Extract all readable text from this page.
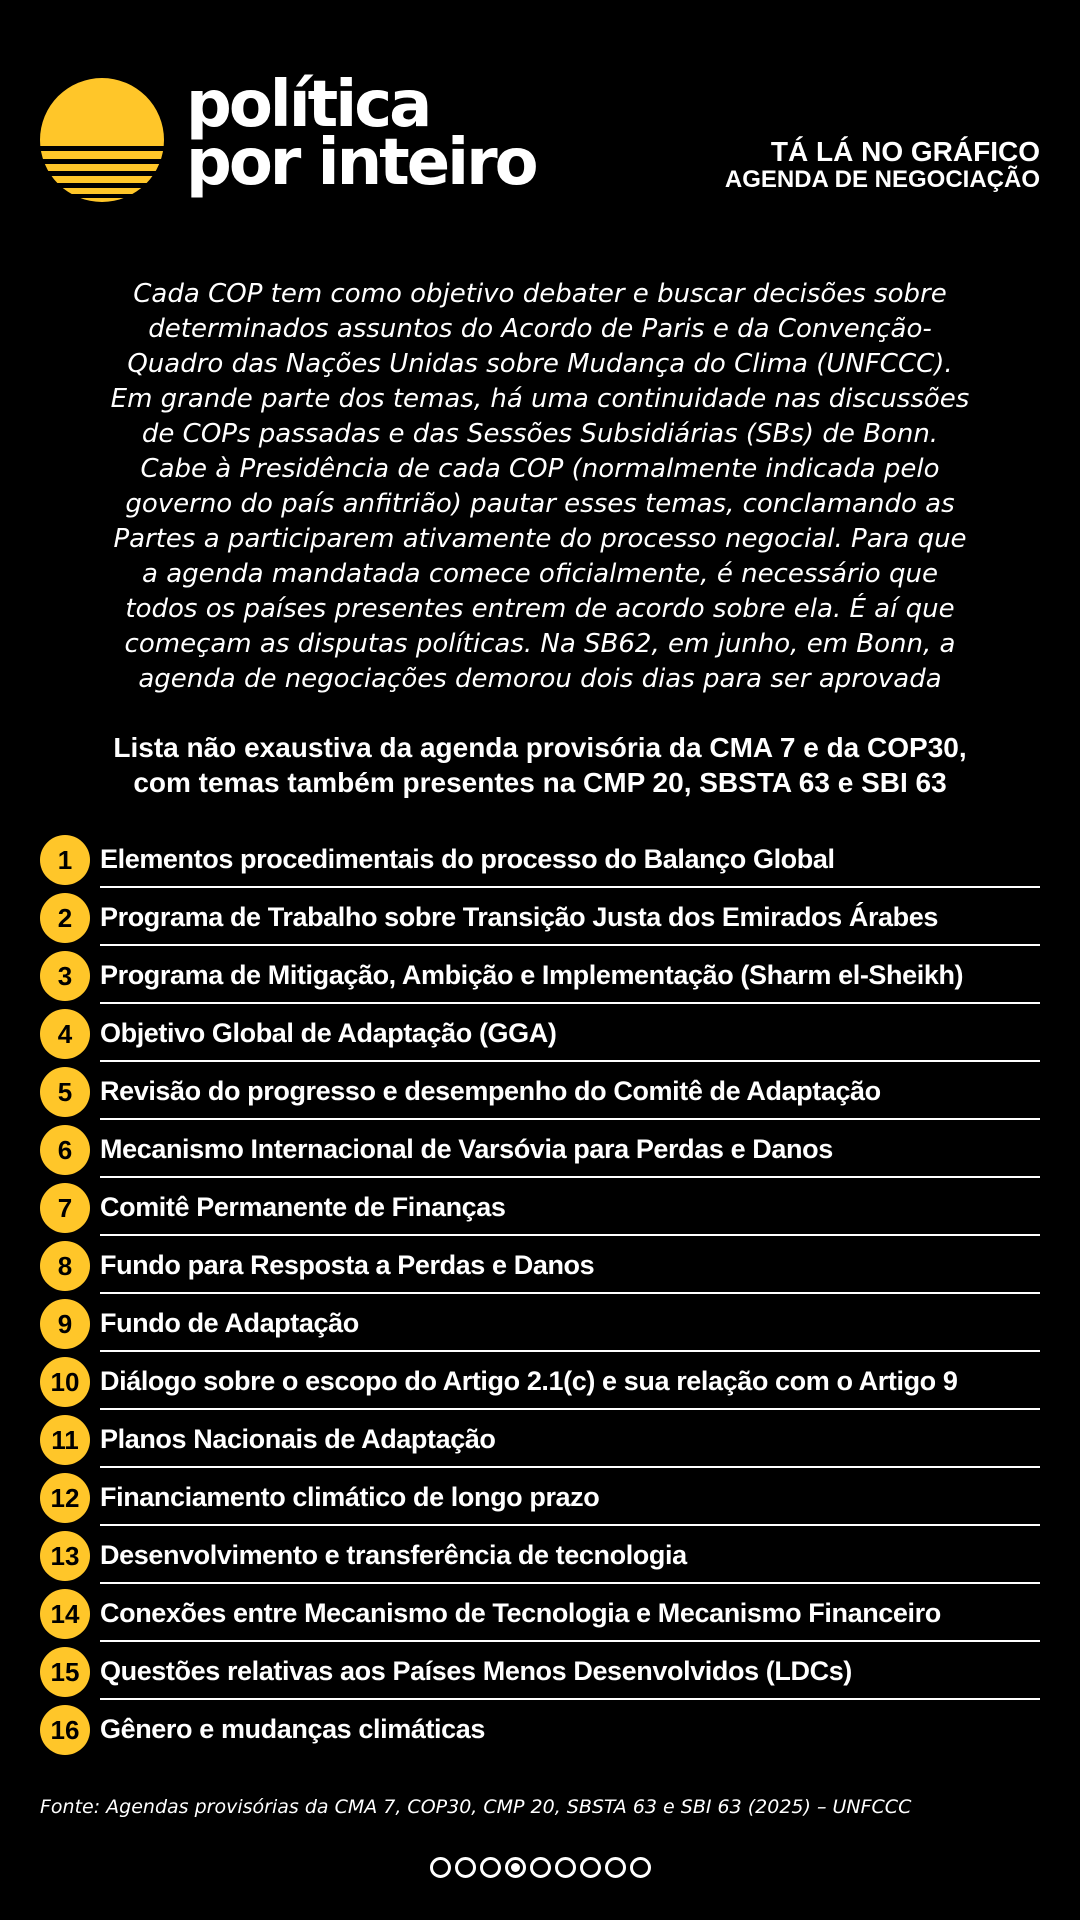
política
por inteiro	TÁ LÁ NO GRÁFICO
AGENDA DE NEGOCIAÇÃO

Cada COP tem como objetivo debater e buscar decisões sobre
determinados assuntos do Acordo de Paris e da Convenção-
Quadro das Nações Unidas sobre Mudança do Clima (UNFCCC).
Em grande parte dos temas, há uma continuidade nas discussões
de COPs passadas e das Sessões Subsidiárias (SBs) de Bonn.
Cabe à Presidência de cada COP (normalmente indicada pelo
governo do país anfitrião) pautar esses temas, conclamando as
Partes a participarem ativamente do processo negocial. Para que
a agenda mandatada comece oficialmente, é necessário que
todos os países presentes entrem de acordo sobre ela. É aí que
começam as disputas políticas. Na SB62, em junho, em Bonn, a
agenda de negociações demorou dois dias para ser aprovada

Lista não exaustiva da agenda provisória da CMA 7 e da COP30,
com temas também presentes na CMP 20, SBSTA 63 e SBI 63

1	Elementos procedimentais do processo do Balanço Global
2	Programa de Trabalho sobre Transição Justa dos Emirados Árabes
3	Programa de Mitigação, Ambição e Implementação (Sharm el-Sheikh)
4	Objetivo Global de Adaptação (GGA)
5	Revisão do progresso e desempenho do Comitê de Adaptação
6	Mecanismo Internacional de Varsóvia para Perdas e Danos
7	Comitê Permanente de Finanças
8	Fundo para Resposta a Perdas e Danos
9	Fundo de Adaptação
10 Diálogo sobre o escopo do Artigo 2.1(c) e sua relação com o Artigo 9
11 Planos Nacionais de Adaptação
12 Financiamento climático de longo prazo
13 Desenvolvimento e transferência de tecnologia
14 Conexões entre Mecanismo de Tecnologia e Mecanismo Financeiro
15 Questões relativas aos Países Menos Desenvolvidos (LDCs)
16 Gênero e mudanças climáticas

Fonte: Agendas provisórias da CMA 7, COP30, CMP 20, SBSTA 63 e SBI 63 (2025) – UNFCCC
